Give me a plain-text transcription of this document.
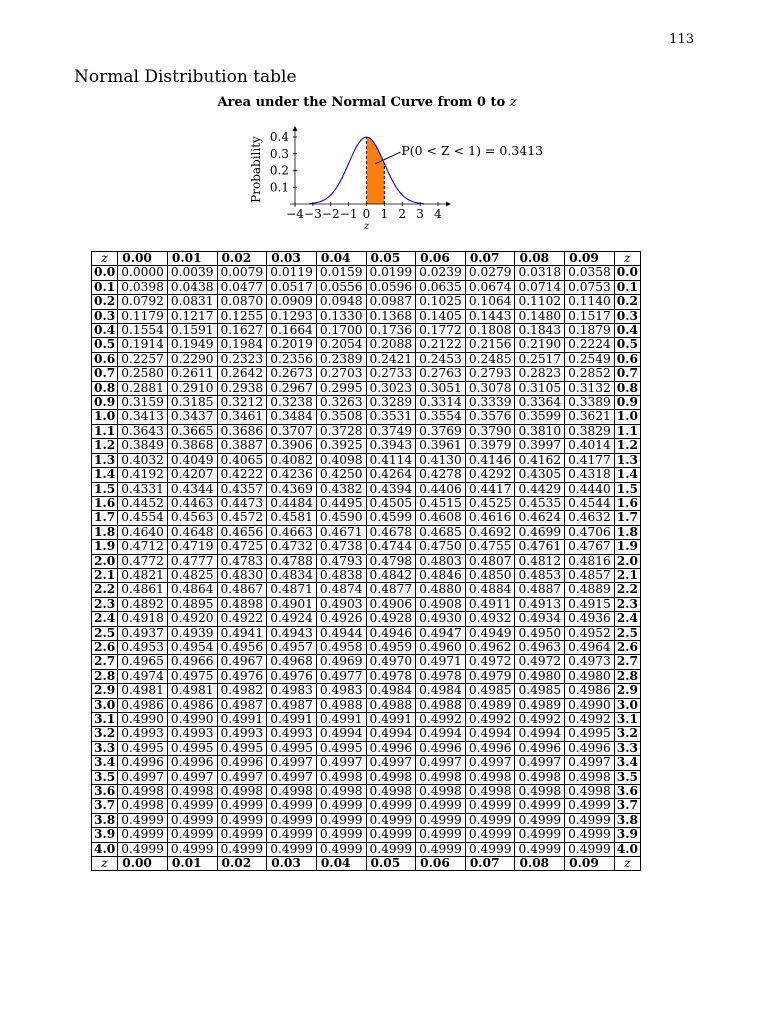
113
Normal Distribution table
Area under the Normal Curve from 0 to z
0.1
0.2
0.3
0.4
−4 −3 −2 −1 0 1 2 3 4
z
Probability	P(0 < Z < 1) = 0.3413
z	0.00	0.01	0.02	0.03	0.04	0.05	0.06	0.07	0.08	0.09	z
0.0	0.0000	0.0039	0.0079	0.0119	0.0159	0.0199	0.0239	0.0279	0.0318	0.0358	0.0
0.1	0.0398	0.0438	0.0477	0.0517	0.0556	0.0596	0.0635	0.0674	0.0714	0.0753	0.1
0.2	0.0792	0.0831	0.0870	0.0909	0.0948	0.0987	0.1025	0.1064	0.1102	0.1140	0.2
0.3	0.1179	0.1217	0.1255	0.1293	0.1330	0.1368	0.1405	0.1443	0.1480	0.1517	0.3
0.4	0.1554	0.1591	0.1627	0.1664	0.1700	0.1736	0.1772	0.1808	0.1843	0.1879	0.4
0.5	0.1914	0.1949	0.1984	0.2019	0.2054	0.2088	0.2122	0.2156	0.2190	0.2224	0.5
0.6	0.2257	0.2290	0.2323	0.2356	0.2389	0.2421	0.2453	0.2485	0.2517	0.2549	0.6
0.7	0.2580	0.2611	0.2642	0.2673	0.2703	0.2733	0.2763	0.2793	0.2823	0.2852	0.7
0.8	0.2881	0.2910	0.2938	0.2967	0.2995	0.3023	0.3051	0.3078	0.3105	0.3132	0.8
0.9	0.3159	0.3185	0.3212	0.3238	0.3263	0.3289	0.3314	0.3339	0.3364	0.3389	0.9
1.0	0.3413	0.3437	0.3461	0.3484	0.3508	0.3531	0.3554	0.3576	0.3599	0.3621	1.0
1.1	0.3643	0.3665	0.3686	0.3707	0.3728	0.3749	0.3769	0.3790	0.3810	0.3829	1.1
1.2	0.3849	0.3868	0.3887	0.3906	0.3925	0.3943	0.3961	0.3979	0.3997	0.4014	1.2
1.3	0.4032	0.4049	0.4065	0.4082	0.4098	0.4114	0.4130	0.4146	0.4162	0.4177	1.3
1.4	0.4192	0.4207	0.4222	0.4236	0.4250	0.4264	0.4278	0.4292	0.4305	0.4318	1.4
1.5	0.4331	0.4344	0.4357	0.4369	0.4382	0.4394	0.4406	0.4417	0.4429	0.4440	1.5
1.6	0.4452	0.4463	0.4473	0.4484	0.4495	0.4505	0.4515	0.4525	0.4535	0.4544	1.6
1.7	0.4554	0.4563	0.4572	0.4581	0.4590	0.4599	0.4608	0.4616	0.4624	0.4632	1.7
1.8	0.4640	0.4648	0.4656	0.4663	0.4671	0.4678	0.4685	0.4692	0.4699	0.4706	1.8
1.9	0.4712	0.4719	0.4725	0.4732	0.4738	0.4744	0.4750	0.4755	0.4761	0.4767	1.9
2.0	0.4772	0.4777	0.4783	0.4788	0.4793	0.4798	0.4803	0.4807	0.4812	0.4816	2.0
2.1	0.4821	0.4825	0.4830	0.4834	0.4838	0.4842	0.4846	0.4850	0.4853	0.4857	2.1
2.2	0.4861	0.4864	0.4867	0.4871	0.4874	0.4877	0.4880	0.4884	0.4887	0.4889	2.2
2.3	0.4892	0.4895	0.4898	0.4901	0.4903	0.4906	0.4908	0.4911	0.4913	0.4915	2.3
2.4	0.4918	0.4920	0.4922	0.4924	0.4926	0.4928	0.4930	0.4932	0.4934	0.4936	2.4
2.5	0.4937	0.4939	0.4941	0.4943	0.4944	0.4946	0.4947	0.4949	0.4950	0.4952	2.5
2.6	0.4953	0.4954	0.4956	0.4957	0.4958	0.4959	0.4960	0.4962	0.4963	0.4964	2.6
2.7	0.4965	0.4966	0.4967	0.4968	0.4969	0.4970	0.4971	0.4972	0.4972	0.4973	2.7
2.8	0.4974	0.4975	0.4976	0.4976	0.4977	0.4978	0.4978	0.4979	0.4980	0.4980	2.8
2.9	0.4981	0.4981	0.4982	0.4983	0.4983	0.4984	0.4984	0.4985	0.4985	0.4986	2.9
3.0	0.4986	0.4986	0.4987	0.4987	0.4988	0.4988	0.4988	0.4989	0.4989	0.4990	3.0
3.1	0.4990	0.4990	0.4991	0.4991	0.4991	0.4991	0.4992	0.4992	0.4992	0.4992	3.1
3.2	0.4993	0.4993	0.4993	0.4993	0.4994	0.4994	0.4994	0.4994	0.4994	0.4995	3.2
3.3	0.4995	0.4995	0.4995	0.4995	0.4995	0.4996	0.4996	0.4996	0.4996	0.4996	3.3
3.4	0.4996	0.4996	0.4996	0.4997	0.4997	0.4997	0.4997	0.4997	0.4997	0.4997	3.4
3.5	0.4997	0.4997	0.4997	0.4997	0.4998	0.4998	0.4998	0.4998	0.4998	0.4998	3.5
3.6	0.4998	0.4998	0.4998	0.4998	0.4998	0.4998	0.4998	0.4998	0.4998	0.4998	3.6
3.7	0.4998	0.4999	0.4999	0.4999	0.4999	0.4999	0.4999	0.4999	0.4999	0.4999	3.7
3.8	0.4999	0.4999	0.4999	0.4999	0.4999	0.4999	0.4999	0.4999	0.4999	0.4999	3.8
3.9	0.4999	0.4999	0.4999	0.4999	0.4999	0.4999	0.4999	0.4999	0.4999	0.4999	3.9
4.0	0.4999	0.4999	0.4999	0.4999	0.4999	0.4999	0.4999	0.4999	0.4999	0.4999	4.0
z	0.00	0.01	0.02	0.03	0.04	0.05	0.06	0.07	0.08	0.09	z
